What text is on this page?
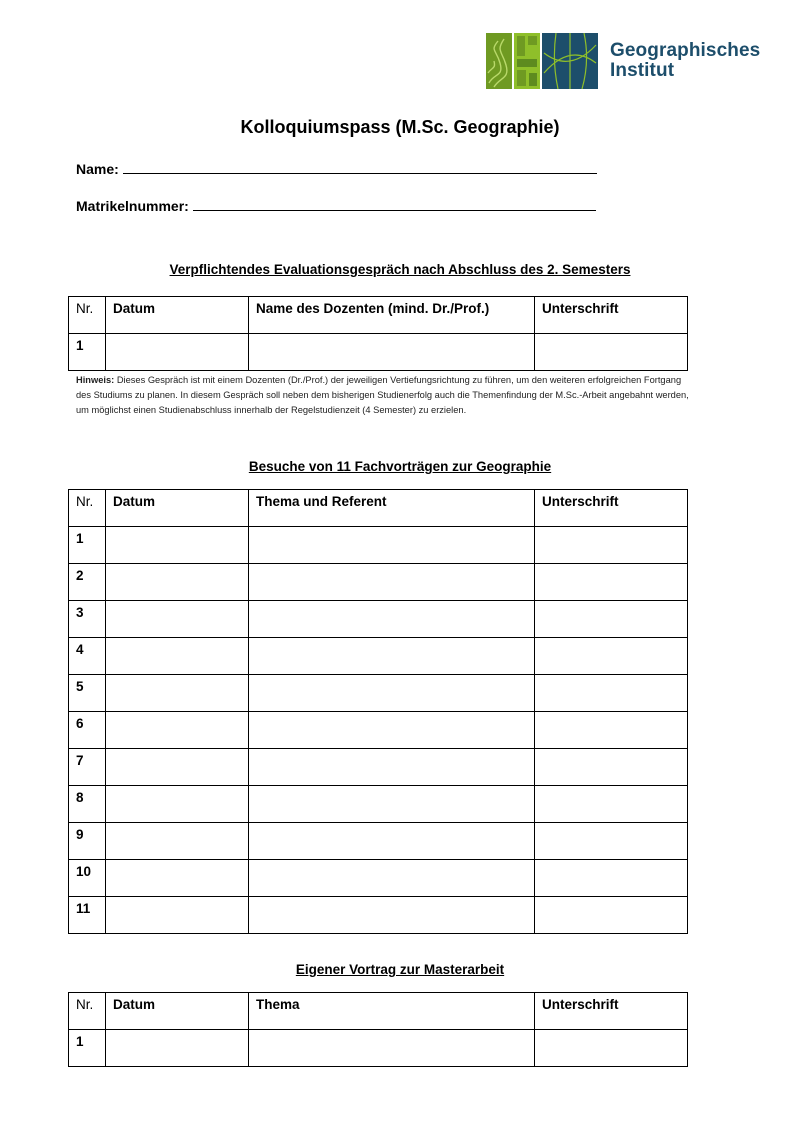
Geographisches
Institut
Kolloquiumspass (M.Sc. Geographie)
Name:
Matrikelnummer:
Verpflichtendes Evaluationsgespräch nach Abschluss des 2. Semesters
Nr.	Datum	Name des Dozenten (mind. Dr./Prof.)	Unterschrift
1			
Hinweis: Dieses Gespräch ist mit einem Dozenten (Dr./Prof.) der jeweiligen Vertiefungsrichtung zu führen, um den weiteren erfolgreichen Fortgang des Studiums zu planen. In diesem Gespräch soll neben dem bisherigen Studienerfolg auch die Themenfindung der M.Sc.-Arbeit angebahnt werden, um möglichst einen Studienabschluss innerhalb der Regelstudienzeit (4 Semester) zu erzielen.
Besuche von 11 Fachvorträgen zur Geographie
Nr.	Datum	Thema und Referent	Unterschrift
1			
2			
3			
4			
5			
6			
7			
8			
9			
10			
11			
Eigener Vortrag zur Masterarbeit
Nr.	Datum	Thema	Unterschrift
1			
